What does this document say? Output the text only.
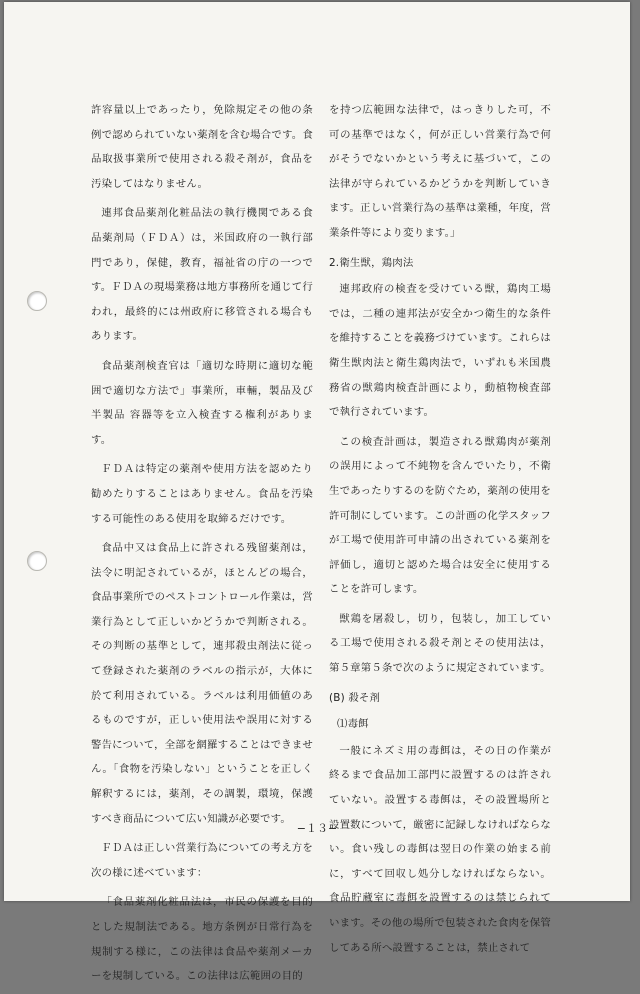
許容量以上であったり，免除規定その他の条例で認められていない薬剤を含む場合です。食品取扱事業所で使用される殺そ剤が，食品を汚染してはなりません。

連邦食品薬剤化粧品法の執行機関である食品薬剤局（ＦＤＡ）は，米国政府の一執行部門であり，保健，教育，福祉省の庁の一つです。ＦＤＡの現場業務は地方事務所を通じて行われ，最終的には州政府に移管される場合もあります。

食品薬剤検査官は「適切な時期に適切な範囲で適切な方法で」事業所，車輛，製品及び半製品 容器等を立入検査する権利があります。

ＦＤＡは特定の薬剤や使用方法を認めたり勧めたりすることはありません。食品を汚染する可能性のある使用を取締るだけです。

食品中又は食品上に許される残留薬剤は，法令に明記されているが，ほとんどの場合，食品事業所でのペストコントロール作業は，営業行為として正しいかどうかで判断される。その判断の基準として，連邦殺虫剤法に従って登録された薬剤のラベルの指示が，大体に於て利用されている。ラベルは利用価値のあるものですが，正しい使用法や誤用に対する警告について，全部を網羅することはできません。「食物を汚染しない」ということを正しく解釈するには，薬剤，その調製，環境，保護すべき商品について広い知識が必要です。

ＦＤＡは正しい営業行為についての考え方を次の様に述べています：

「食品薬剤化粧品法は，市民の保護を目的とした規制法である。地方条例が日常行為を規制する様に，この法律は食品や薬剤メーカーを規制している。この法律は広範囲の目的

を持つ広範囲な法律で，はっきりした可，不可の基準ではなく，何が正しい営業行為で何がそうでないかという考えに基づいて，この法律が守られているかどうかを判断していきます。正しい営業行為の基準は業種，年度，営業条件等により変ります。」

2.衛生獣，鶏肉法

連邦政府の検査を受けている獣，鶏肉工場では，二種の連邦法が安全かつ衛生的な条件を維持することを義務づけています。これらは衛生獣肉法と衛生鶏肉法で，いずれも米国農務省の獣鶏肉検査計画により，動植物検査部で執行されています。

この検査計画は，製造される獣鶏肉が薬剤の誤用によって不純物を含んでいたり，不衛生であったりするのを防ぐため，薬剤の使用を許可制にしています。この計画の化学スタッフが工場で使用許可申請の出されている薬剤を評価し，適切と認めた場合は安全に使用することを許可します。

獣鶏を屠殺し，切り，包装し，加工している工場で使用される殺そ剤とその使用法は，第５章第５条で次のように規定されています。

(B) 殺そ剤
⑴毒餌

一般にネズミ用の毒餌は，その日の作業が終るまで食品加工部門に設置するのは許されていない。設置する毒餌は，その設置場所と設置数について，厳密に記録しなければならない。食い残しの毒餌は翌日の作業の始まる前に，すべて回収し処分しなければならない。食品貯蔵室に毒餌を設置するのは禁じられています。その他の場所で包装された食肉を保管してある所へ設置することは，禁止されて

−１３−
